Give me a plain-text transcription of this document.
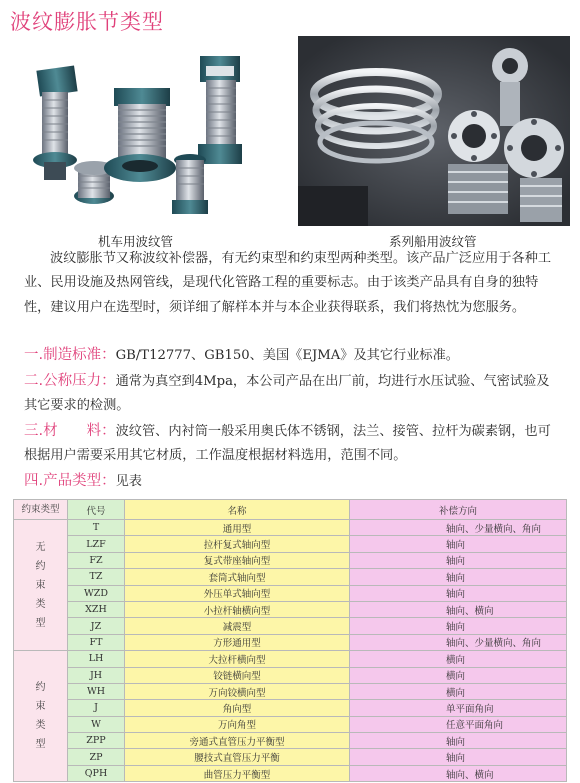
波纹膨胀节类型
机车用波纹管	系列船用波纹管
波纹膨胀节又称波纹补偿器，有无约束型和约束型两种类型。该产品广泛应用于各种工业、民用设施及热网管线，是现代化管路工程的重要标志。由于该类产品具有自身的独特性，建议用户在选型时，须详细了解样本并与本企业获得联系，我们将热忱为您服务。
一.制造标准：GB/T12777、GB150、美国《EJMA》及其它行业标准。
二.公称压力：通常为真空到4Mpa，本公司产品在出厂前，均进行水压试验、气密试验及其它要求的检测。
三.材　　料：波纹管、内衬筒一般采用奥氏体不锈钢，法兰、接管、拉杆为碳素钢，也可根据用户需要采用其它材质，工作温度根据材料选用，范围不同。
四.产品类型：见表
约束类型	代号	名称	补偿方向

无
约
束
类
型	T	通用型	轴向、少量横向、角向
	LZF	拉杆复式轴向型	轴向
	FZ	复式带座轴向型	轴向
	TZ	套筒式轴向型	轴向
	WZD	外压单式轴向型	轴向
	XZH	小拉杆轴横向型	轴向、横向
	JZ	减震型	轴向
	FT	方形通用型	轴向、少量横向、角向

约
束
类
型	LH	大拉杆横向型	横向
	JH	铰链横向型	横向
	WH	万向铰横向型	横向
	J	角向型	单平面角向
	W	万向角型	任意平面角向
	ZPP	旁通式直管压力平衡型	轴向
	ZP	腰技式直管压力平衡	轴向
	QPH	曲管压力平衡型	轴向、横向
